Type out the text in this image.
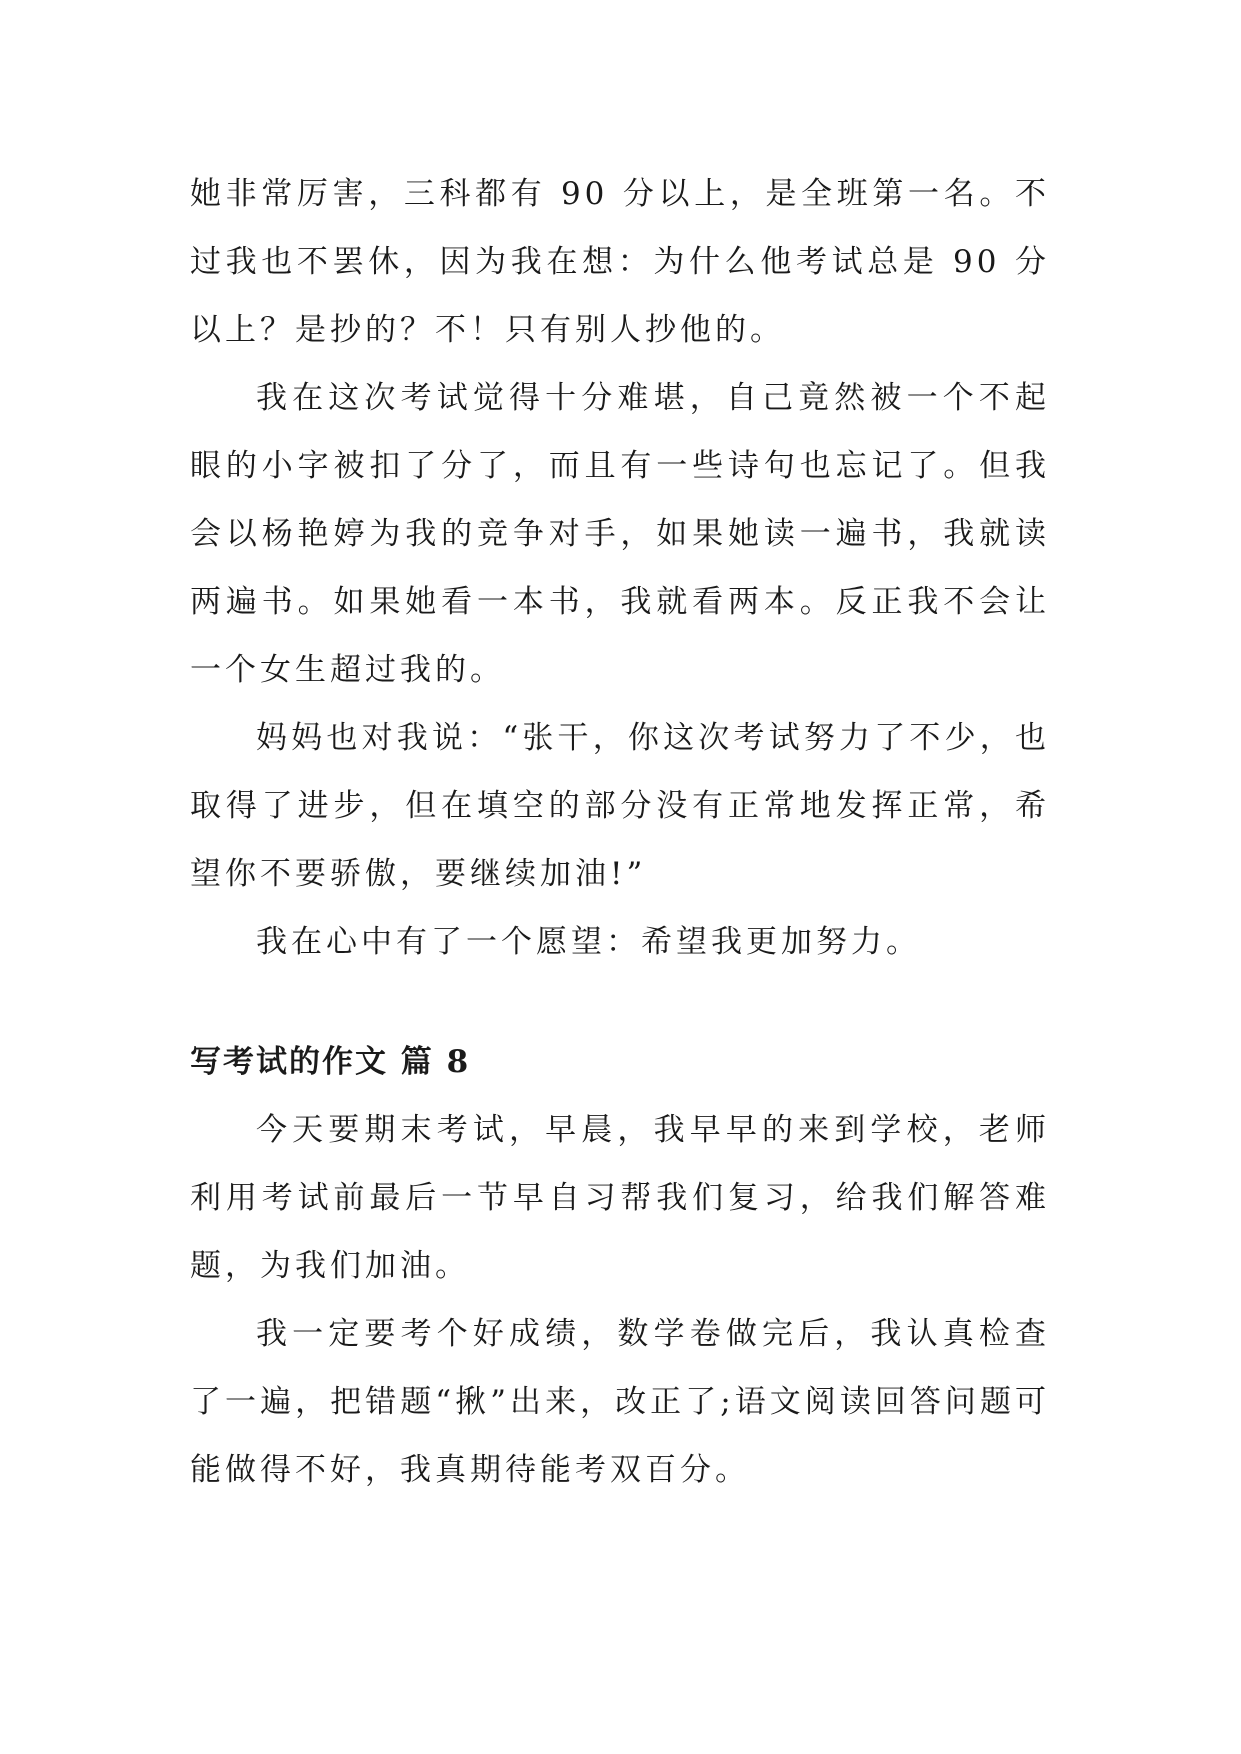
她非常厉害，三科都有 90 分以上，是全班第一名。不过我也不罢休，因为我在想：为什么他考试总是 90 分以上？是抄的？不！只有别人抄他的。

我在这次考试觉得十分难堪，自己竟然被一个不起眼的小字被扣了分了，而且有一些诗句也忘记了。但我会以杨艳婷为我的竞争对手，如果她读一遍书，我就读两遍书。如果她看一本书，我就看两本。反正我不会让一个女生超过我的。

妈妈也对我说：“张干，你这次考试努力了不少，也取得了进步，但在填空的部分没有正常地发挥正常，希望你不要骄傲，要继续加油!”

我在心中有了一个愿望：希望我更加努力。

写考试的作文 篇 8

今天要期末考试，早晨，我早早的来到学校，老师利用考试前最后一节早自习帮我们复习，给我们解答难题，为我们加油。

我一定要考个好成绩，数学卷做完后，我认真检查了一遍，把错题“揪”出来，改正了;语文阅读回答问题可能做得不好，我真期待能考双百分。
